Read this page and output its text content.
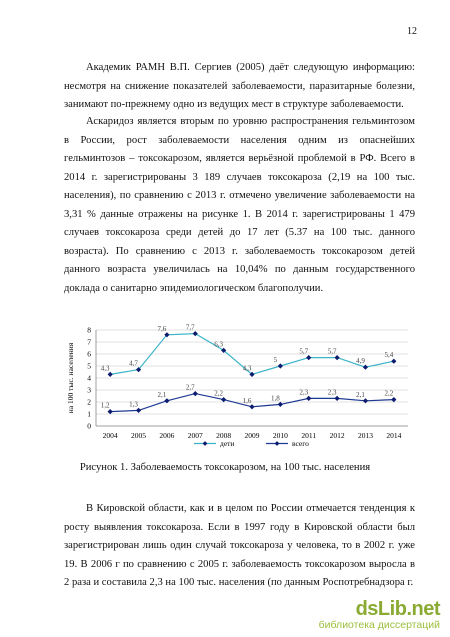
12

Академик РАМН В.П. Сергиев (2005) даёт следующую информацию: несмотря на снижение показателей заболеваемости, паразитарные болезни, занимают по-прежнему одно из ведущих мест в структуре заболеваемости.

Аскаридоз является вторым по уровню распространения гельминтозом в России, рост заболеваемости населения одним из опаснейших гельминтозов – токсокарозом, является верьёзной проблемой в РФ. Всего в 2014 г. зарегистрированы 3 189 случаев токсокароза (2,19 на 100 тыс. населения), по сравнению с 2013 г. отмечено увеличение заболеваемости на 3,31 % данные отражены на рисунке 1. В 2014 г. зарегистрированы 1 479 случаев токсокароза среди детей до 17 лет (5.37 на 100 тыс. данного возраста). По сравнению с 2013 г. заболеваемость токсокарозом детей данного возраста увеличилась на 10,04% по данным государственного доклада о санитарно эпидемиологическом благополучии.

на 100 тыс. населения
0
1
2
3
4
5
6
7
8
2004 2005 2006 2007 2008 2009 2010 2011 2012 2013 2014
4,3
4,7
7,6	7,7
6,3
4,3
5
5,7	5,7
4,9
5,4
1,2	1,3
2,1
2,7
2,2
1,6	1,8
2,3	2,3	2,1	2,2
дети	всего
Рисунок 1. Заболеваемость токсокарозом, на 100 тыс. населения

В Кировской области, как и в целом по России отмечается тенденция к росту выявления токсокароза. Если в 1997 году в Кировской области был зарегистрирован лишь один случай токсокароза у человека, то в 2002 г. уже 19. В 2006 г по сравнению с 2005 г. заболеваемость токсокарозом выросла в 2 раза и составила 2,3 на 100 тыс. населения (по данным Роспотребнадзора г.

dsLib.net
библиотека диссертаций
